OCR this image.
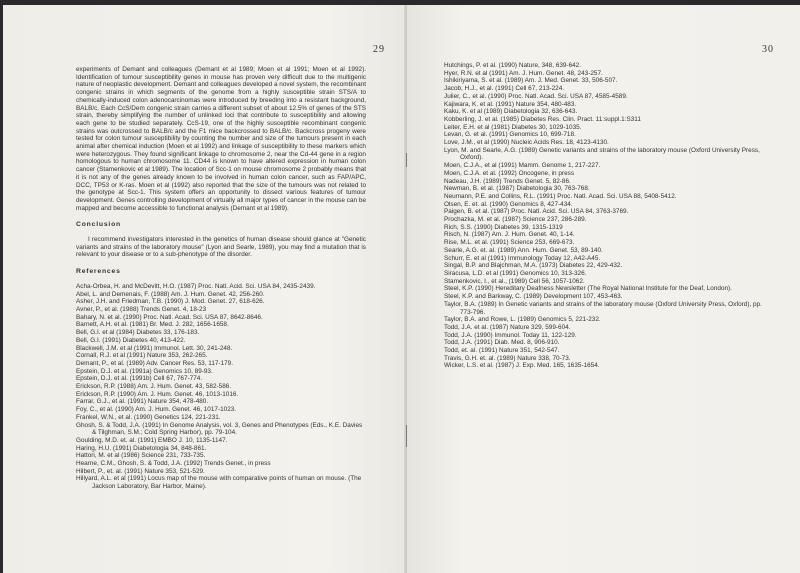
29

experiments of Demant and colleagues (Demant et al 1989; Moen et al 1991; Moen et al 1992). Identification of tumour susceptibility genes in mouse has proven very difficult due to the multigenic nature of neoplastic development. Demant and colleagues developed a novel system, the recombinant congenic strains in which segments of the genome from a highly susceptible strain STS/A to chemically-induced colon adenocarcinomas were introduced by breeding into a resistant background, BALB/c. Each CcS/Dem congenic strain carries a different subset of about 12.5% of genes of the STS strain, thereby simplifying the number of unlinked loci that contribute to susceptibility and allowing each gene to be studied separately. CcS-19, one of the highly susceptible recombinant congenic strains was outcrossed to BALB/c and the F1 mice backcrossed to BALB/c. Backcross progeny were tested for colon tumour susceptibility by counting the number and size of the tumours present in each animal after chemical induction (Moen et al 1992) and linkage of susceptibility to these markers which were heterozygous. They found significant linkage to chromosome 2, near the Cd-44 gene in a region homologous to human chromosome 11. CD44 is known to have altered expression in human colon cancer (Stamenkovic et al 1989). The location of Scc-1 on mouse chromosome 2 probably means that it is not any of the genes already known to be involved in human colon cancer, such as FAP/APC, DCC, TP53 or K-ras. Moen et al (1992) also reported that the size of the tumours was not related to the genotype at Scc-1. This system offers an opportunity to dissect various features of tumour development. Genes controlling development of virtually all major types of cancer in the mouse can be mapped and become accessible to functional analysis (Demant et al 1989).

Conclusion

I recommend investigators interested in the genetics of human disease should glance at "Genetic variants and strains of the laboratory mouse" (Lyon and Searle, 1989), you may find a mutation that is relevant to your disease or to a sub-phenotype of the disorder.

References

Acha-Orbea, H. and McDevitt, H.O. (1987) Proc. Natl. Acid. Sci. USA 84, 2435-2439.

Abel, L. and Demenais, F. (1988) Am. J. Hum. Genet. 42, 256-260.

Asher, J.H. and Friedman, T.B. (1990) J. Mod. Genet. 27, 618-626.

Avner, P., et al. (1988) Trends Genet. 4, 18-23

Bahary, N. et al. (1990) Proc. Natl. Acad. Sci. USA 87, 8642-8646.

Barnett, A.H. et al. (1981) Br. Med. J. 282, 1656-1658.

Bell, G.I. et al (1984) Diabetes 33, 176-183.

Bell, G.I. (1991) Diabetes 40, 413-422.

Blackwell, J.M. et al (1991) Immunol. Lett. 30, 241-248.

Cornall, R.J. et al (1991) Nature 353, 262-265.

Demant, P., et al. (1989) Adv. Cancer Res. 53, 117-179.

Epstein, D.J. et al. (1991a) Genomics 10, 89-93.

Epstein, D.J. et al. (1991b) Cell 67, 767-774.

Erickson, R.P. (1988) Am. J. Hum. Genet. 43, 582-586.

Erickson, R.P. (1990) Am. J. Hum. Genet. 46, 1013-1016.

Farrar, G.J., et al. (1991) Nature 354, 478-480.

Foy, C., et al. (1990) Am. J. Hum. Genet. 46, 1017-1023.

Frankel, W.N., et al. (1990) Genetics 124, 221-231.

Ghosh, S. & Todd, J.A. (1991) In Genome Analysis, vol. 3, Genes and Phenotypes (Eds., K.E. Davies & Tilghman, S.M.; Cold Spring Harbor), pp. 79-104.

Goulding, M.D. et. al. (1991) EMBO J. 10, 1135-1147.

Haring, H.U. (1991) Diabetologia 34, 848-861.

Hattori, M. et al (1986) Science 231, 733-735.

Hearne, C.M., Ghosh, S. & Todd, J.A. (1992) Trends Genet., in press

Hilbert, P., et. al. (1991) Nature 353, 521-529.

Hillyard, A.L. et al (1991) Locus map of the mouse with comparative points of human on mouse. (The Jackson Laboratory, Bar Harbor, Maine).

30

Hutchings, P. et al. (1990) Nature, 348, 639-642.

Hyer, R.N. et al (1991) Am. J. Hum. Genet. 48, 243-257.

Ishikiriyama, S. et al. (1989) Am. J. Med. Genet. 33, 506-507.

Jacob, H.J., et al. (1991) Cell 67, 213-224.

Julier, C., et al. (1990) Proc. Natl. Acad. Sci. USA 87, 4585-4589.

Kajiwara, K. et al. (1991) Nature 354, 480-483.

Kaku, K. et al (1989) Diabetologia 32, 636-643.

Kobberling, J. et al. (1985) Diabetes Res. Clin. Pract. 11:suppl.1:S311

Leiter, E.H. et al (1981) Diabetes 30, 1029-1035.

Levan, G. et al. (1991) Genomics 10, 699-718.

Love, J.M., et al (1990) Nucleic Acids Res. 18, 4123-4130.

Lyon, M. and Searle, A.G. (1989) Genetic variants and strains of the laboratory mouse (Oxford University Press, Oxford).

Moen, C.J.A., et al (1991) Mamm. Genome 1, 217-227.

Moen, C.J.A. et al. (1992) Oncogene, in press

Nadeau, J.H. (1989) Trends Genet. 5, 82-86.

Newman, B. et al. (1987) Diabetologia 30, 763-768.

Neumann, P.E. and Collins, R.L. (1991) Proc. Natl. Acad. Sci. USA 88, 5408-5412.

Olsen, E. et. al. (1990) Genomics 8, 427-434.

Paigen, B. et al. (1987) Proc. Natl. Acid. Sci. USA 84, 3763-3769.

Prochazka, M. et al. (1987) Science 237, 286-289.

Rich, S.S. (1990) Diabetes 39, 1315-1319

Risch, N. (1987) Am. J. Hum. Genet. 40, 1-14.

Rise, M.L. et al. (1991) Science 253, 669-673.

Searle, A.G. et. al. (1989) Ann. Hum. Genet. 53, 89-140.

Schurr, E. et al (1991) Immunology Today 12, A42-A45.

Singal, B.P. and Blajchman, M.A. (1973) Diabetes 22, 429-432.

Siracusa, L.D. et al (1991) Genomics 10, 313-326.

Stamenkovic, I., et al., (1989) Cell 56, 1057-1062.

Steel, K.P. (1990) Hereditary Deafness Newsletter (The Royal National Institute for the Deaf, London).

Steel, K.P. and Barkway, C. (1989) Development 107, 453-463.

Taylor, B.A. (1989) In Genetic variants and strains of the laboratory mouse (Oxford University Press, Oxford), pp. 773-796.

Taylor, B.A. and Rowe, L. (1989) Genomics 5, 221-232.

Todd, J.A. et al. (1987) Nature 329, 599-604.

Todd, J.A. (1990) Immunol. Today 11, 122-129.

Todd, J.A. (1991) Diab. Med. 8, 906-910.

Todd, et. al. (1991) Nature 351, 542-547.

Travis, G.H. et. al. (1989) Nature 338, 70-73.

Wicker, L.S. et al. (1987) J. Exp. Med. 165, 1635-1654.
